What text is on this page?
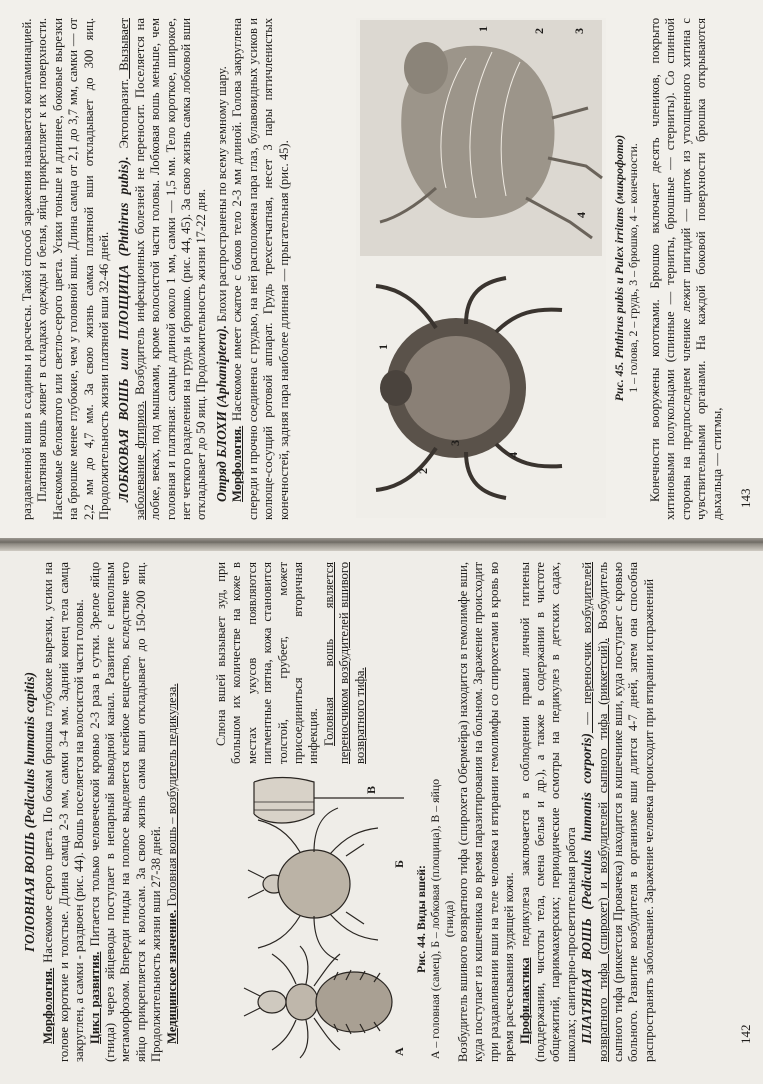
ГОЛОВНАЯ ВОШЬ (Pediculus humanis capitis)

Морфология. Насекомое серого цвета. По бокам брюшка глубокие вырезки, усики на голове короткие и толстые. Длина самца 2-3 мм, самки 3-4 мм. Задний конец тела самца закруглен, а самки - раздвоен (рис. 44). Вошь поселяется на волосистой части головы. Цикл развития. Питается только человеческой кровью 2-3 раза в сутки. Зрелое яйцо (гнида) через яйцеводы поступает в непарный выводной канал. Развитие с неполным метаморфозом. Впереди гниды на полюсе выделяется клейкое вещество, вследствие чего яйцо прикрепляется к волосам. За свою жизнь самка вши откладывает до 150-200 яиц. Продолжительность жизни вши 27-38 дней. Медицинское значение. Головная вошь – возбудитель педикулеза.

А
Б
В
Рис. 44. Виды вшей: А – головная (самец), Б – лобковая (площица), В – яйцо (гнида)

Слюна вшей вызывает зуд, при большом их количестве на коже в местах укусов появляются пигментные пятна, кожа становится толстой, грубеет, может присоединиться вторичная инфекция. Головная вошь является переносчиком возбудителей вшивого возвратного тифа.	Возбудитель вшивого возвратного тифа (спирохета Обермейра) находится в гемолимфе вши, куда поступает из кишечника во время паразитирования на больном. Заражение происходит при раздавливании вши на теле человека и втирании гемолимфы со спирохетами в кровь во время расчесывания зудящей кожи. Профилактика педикулеза заключается в соблюдении правил личной гигиены (поддержании, чистоты тела, смена белья и др.), а также в содержании в чистоте общежитий, парикмахерских; периодические осмотры на педикулез в детских садах, школах; санитарно-просветительная работа ПЛАТЯНАЯ ВОШЬ (Pediculus humanis corporis) — переносчик возбудителей возвратного тифа (спирохет) и возбудителей сыпного тифа (риккетсий). Возбудитель сыпного тифа (риккетсия Провачека) находится в кишечнике вши, куда поступает с кровью больного. Развитие возбудителя в организме вши длится 4-7 дней, затем она способна распространять заболевание. Заражение человека происходит при втирании испражнений	142

раздавленной вши в ссадины и расчесы. Такой способ заражения называется контаминацией. Платяная вошь живет в складках одежды и белья, яйца прикрепляет к их поверхности. Насекомые беловатого или светло-серого цвета. Усики тоньше и длиннее, боковые вырезки на брюшке менее глубокие, чем у головной вши. Длина самца от 2,1 до 3,7 мм, самки — от 2,2 мм до 4,7 мм. За свою жизнь самка платяной вши откладывает до 300 яиц. Продолжительность жизни платяной вши 32-46 дней. ЛОБКОВАЯ ВОШЬ или ПЛОЩИЦА (Phthirus pubis). Эктопаразит. Вызывает заболевание фтириоз. Возбудитель инфекционных болезней не переносит. Поселяется на лобке, веках, под мышками, кроме волосистой части головы. Лобковая вошь меньше, чем головная и платяная: самцы длиной около 1 мм, самки — 1,5 мм. Тело короткое, широкое, нет четкого разделения на грудь и брюшко. (рис. 44, 45). За свою жизнь самка лобковой вши откладывает до 50 яиц. Продолжительность жизни 17-22 дня. Отряд БЛОХИ (Aphaniptera). Блохи распространены по всему земному шару.

Морфология. Насекомое имеет сжатое с боков тело 2-3 мм длиной. Голова закруглена спереди и прочно соединена с грудью, на ней расположена пара глаз, булавовидных усиков и колюще-сосущий ротовой аппарат. Грудь трехсетчатная, несет 3 пары пятичленистых конечностей, задняя пара наиболее длинная — прыгательная (рис. 45).	1
2
3
4
1	2 3
4 Рис. 45. Phthirus pubis и Pulex irritans (микрофото) 1 – голова, 2 – грудь, 3 – брюшко, 4 – конечности. Конечности вооружены коготками. Брюшко включает десять члеников, покрыто хитиновыми полукольцами (спинные — терниты, брюшные — стерниты). Со спинной стороны на предпоследнем членике лежит пигидий — щиток из утолщенного хитина с чувствительными органами. На каждой боковой поверхности брюшка открываются дыхальца — стигмы, 143
